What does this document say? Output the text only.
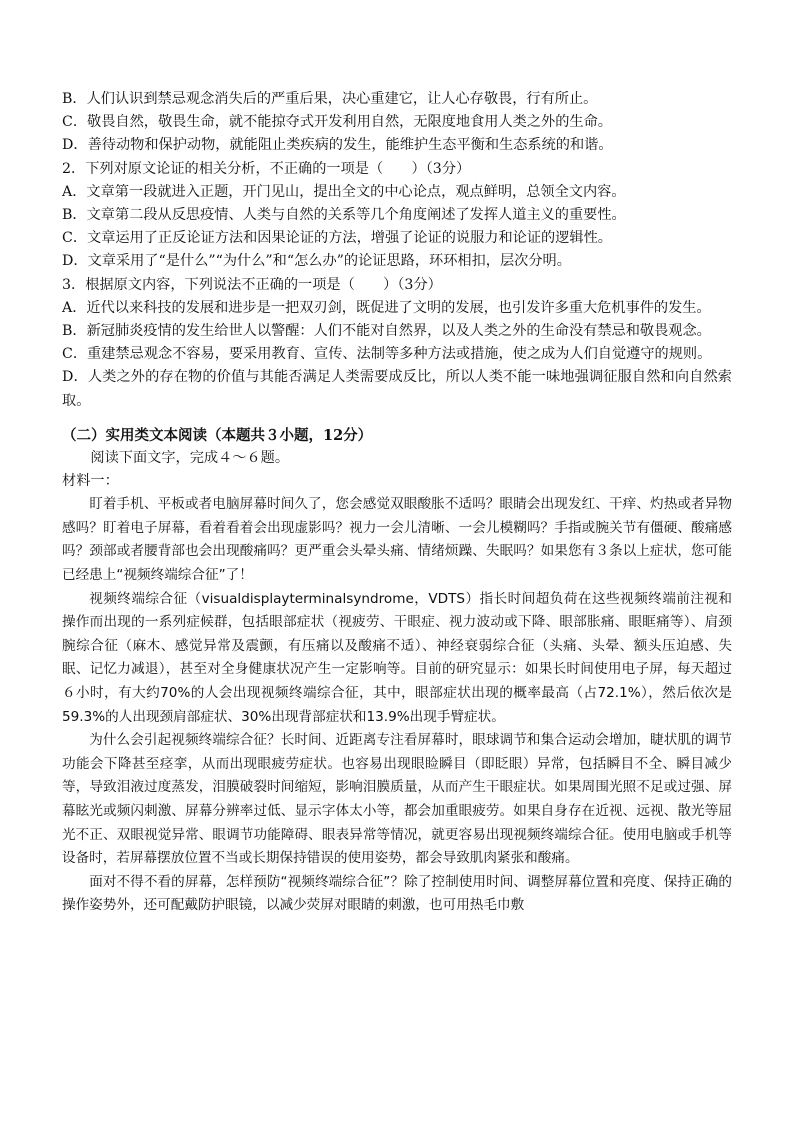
B．人们认识到禁忌观念消失后的严重后果，决心重建它，让人心存敬畏，行有所止。
C．敬畏自然，敬畏生命，就不能掠夺式开发利用自然，无限度地食用人类之外的生命。
D．善待动物和保护动物，就能阻止类疾病的发生，能维护生态平衡和生态系统的和谐。
2．下列对原文论证的相关分析，不正确的一项是（　　）（3分）
A．文章第一段就进入正题，开门见山，提出全文的中心论点，观点鲜明，总领全文内容。
B．文章第二段从反思疫情、人类与自然的关系等几个角度阐述了发挥人道主义的重要性。
C．文章运用了正反论证方法和因果论证的方法，增强了论证的说服力和论证的逻辑性。
D．文章采用了“是什么”“为什么”和“怎么办”的论证思路，环环相扣，层次分明。
3．根据原文内容，下列说法不正确的一项是（　　）（3分）
A．近代以来科技的发展和进步是一把双刃剑，既促进了文明的发展，也引发许多重大危机事件的发生。
B．新冠肺炎疫情的发生给世人以警醒：人们不能对自然界，以及人类之外的生命没有禁忌和敬畏观念。
C．重建禁忌观念不容易，要采用教育、宣传、法制等多种方法或措施，使之成为人们自觉遵守的规则。
D．人类之外的存在物的价值与其能否满足人类需要成反比，所以人类不能一味地强调征服自然和向自然索取。
（二）实用类文本阅读（本题共３小题，12分）
阅读下面文字，完成４～６题。
材料一：

盯着手机、平板或者电脑屏幕时间久了，您会感觉双眼酸胀不适吗？眼睛会出现发红、干痒、灼热或者异物感吗？盯着电子屏幕，看着看着会出现虚影吗？视力一会儿清晰、一会儿模糊吗？手指或腕关节有僵硬、酸痛感吗？颈部或者腰背部也会出现酸痛吗？更严重会头晕头痛、情绪烦躁、失眠吗？如果您有３条以上症状，您可能已经患上“视频终端综合征”了！

视频终端综合征（visualdisplayterminalsyndrome，VDTS）指长时间超负荷在这些视频终端前注视和操作而出现的一系列症候群，包括眼部症状（视疲劳、干眼症、视力波动或下降、眼部胀痛、眼眶痛等）、肩颈腕综合征（麻木、感觉异常及震颤，有压痛以及酸痛不适）、神经衰弱综合征（头痛、头晕、额头压迫感、失眠、记忆力减退），甚至对全身健康状况产生一定影响等。目前的研究显示：如果长时间使用电子屏，每天超过６小时，有大约70%的人会出现视频终端综合征，其中，眼部症状出现的概率最高（占72.1%），然后依次是59.3%的人出现颈肩部症状、30%出现背部症状和13.9%出现手臂症状。

为什么会引起视频终端综合征？长时间、近距离专注看屏幕时，眼球调节和集合运动会增加，睫状肌的调节功能会下降甚至痉挛，从而出现眼疲劳症状。也容易出现眼睑瞬目（即眨眼）异常，包括瞬目不全、瞬目减少等，导致泪液过度蒸发，泪膜破裂时间缩短，影响泪膜质量，从而产生干眼症状。如果周围光照不足或过强、屏幕眩光或频闪刺激、屏幕分辨率过低、显示字体太小等，都会加重眼疲劳。如果自身存在近视、远视、散光等屈光不正、双眼视觉异常、眼调节功能障碍、眼表异常等情况，就更容易出现视频终端综合征。使用电脑或手机等设备时，若屏幕摆放位置不当或长期保持错误的使用姿势，都会导致肌肉紧张和酸痛。

面对不得不看的屏幕，怎样预防“视频终端综合征”？除了控制使用时间、调整屏幕位置和亮度、保持正确的操作姿势外，还可配戴防护眼镜，以减少荧屏对眼睛的刺激，也可用热毛巾敷
